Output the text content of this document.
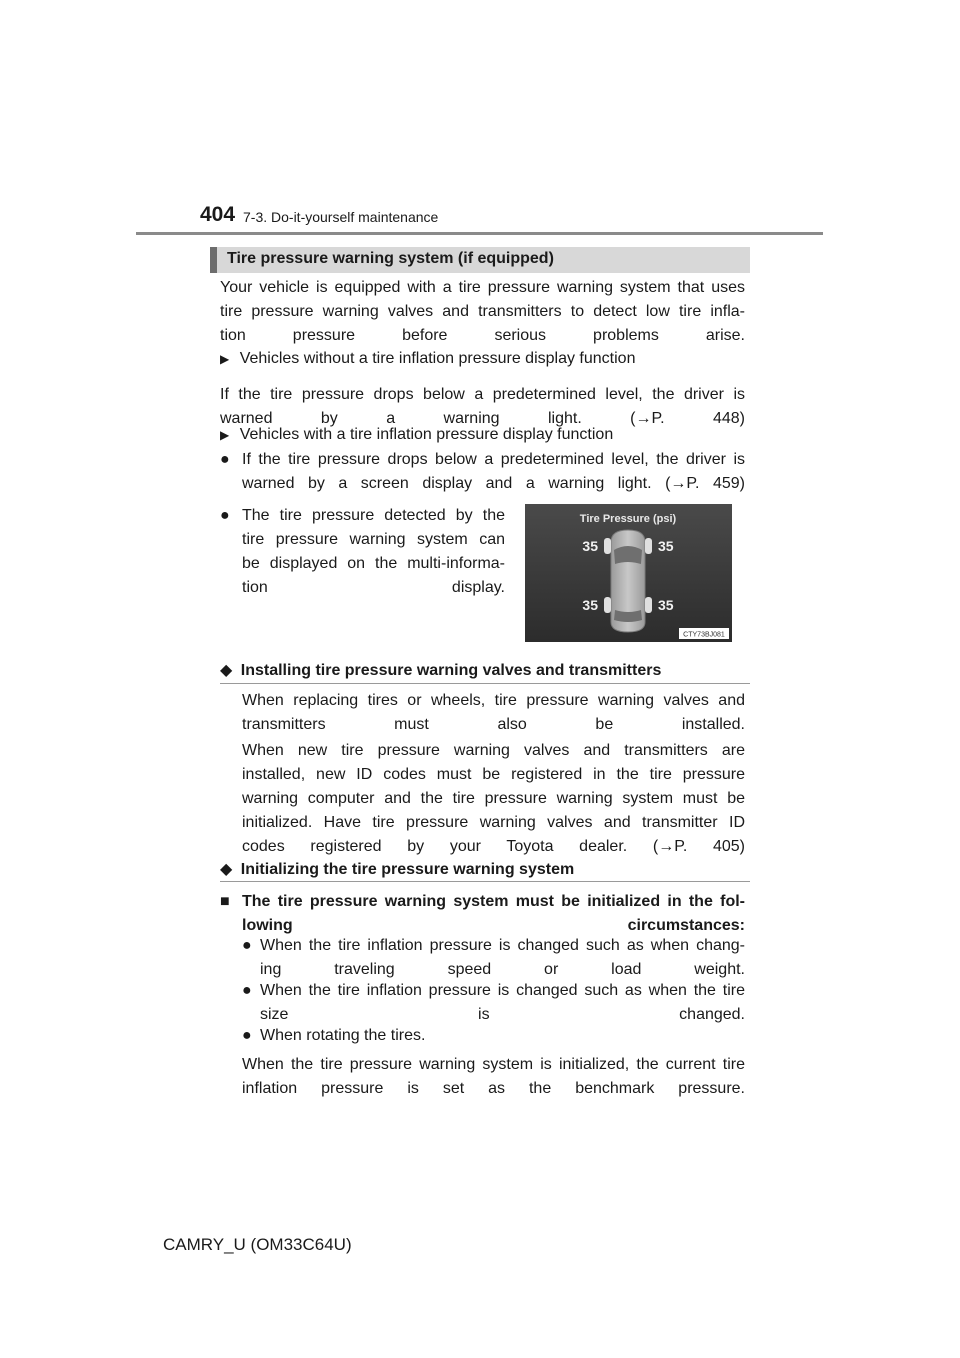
404 7-3. Do-it-yourself maintenance
Tire pressure warning system (if equipped)
Your vehicle is equipped with a tire pressure warning system that uses
tire pressure warning valves and transmitters to detect low tire infla-
tion pressure before serious problems arise.
▶ Vehicles without a tire inflation pressure display function
If the tire pressure drops below a predetermined level, the driver is
warned by a warning light. (→P. 448)
▶ Vehicles with a tire inflation pressure display function
● If the tire pressure drops below a predetermined level, the driver is
warned by a screen display and a warning light. (→P. 459)
● The tire pressure detected by the
tire pressure warning system can
be displayed on the multi-informa-
tion display.
Tire Pressure (psi)
35	35
35	35
CTY73BJ081
◆ Installing tire pressure warning valves and transmitters
When replacing tires or wheels, tire pressure warning valves and
transmitters must also be installed.
When new tire pressure warning valves and transmitters are
installed, new ID codes must be registered in the tire pressure
warning computer and the tire pressure warning system must be
initialized. Have tire pressure warning valves and transmitter ID
codes registered by your Toyota dealer. (→P. 405)
◆ Initializing the tire pressure warning system
■ The tire pressure warning system must be initialized in the fol-
lowing circumstances:
● When the tire inflation pressure is changed such as when chang-
ing traveling speed or load weight.
● When the tire inflation pressure is changed such as when the tire
size is changed.
● When rotating the tires.
When the tire pressure warning system is initialized, the current tire
inflation pressure is set as the benchmark pressure.
CAMRY_U (OM33C64U)
